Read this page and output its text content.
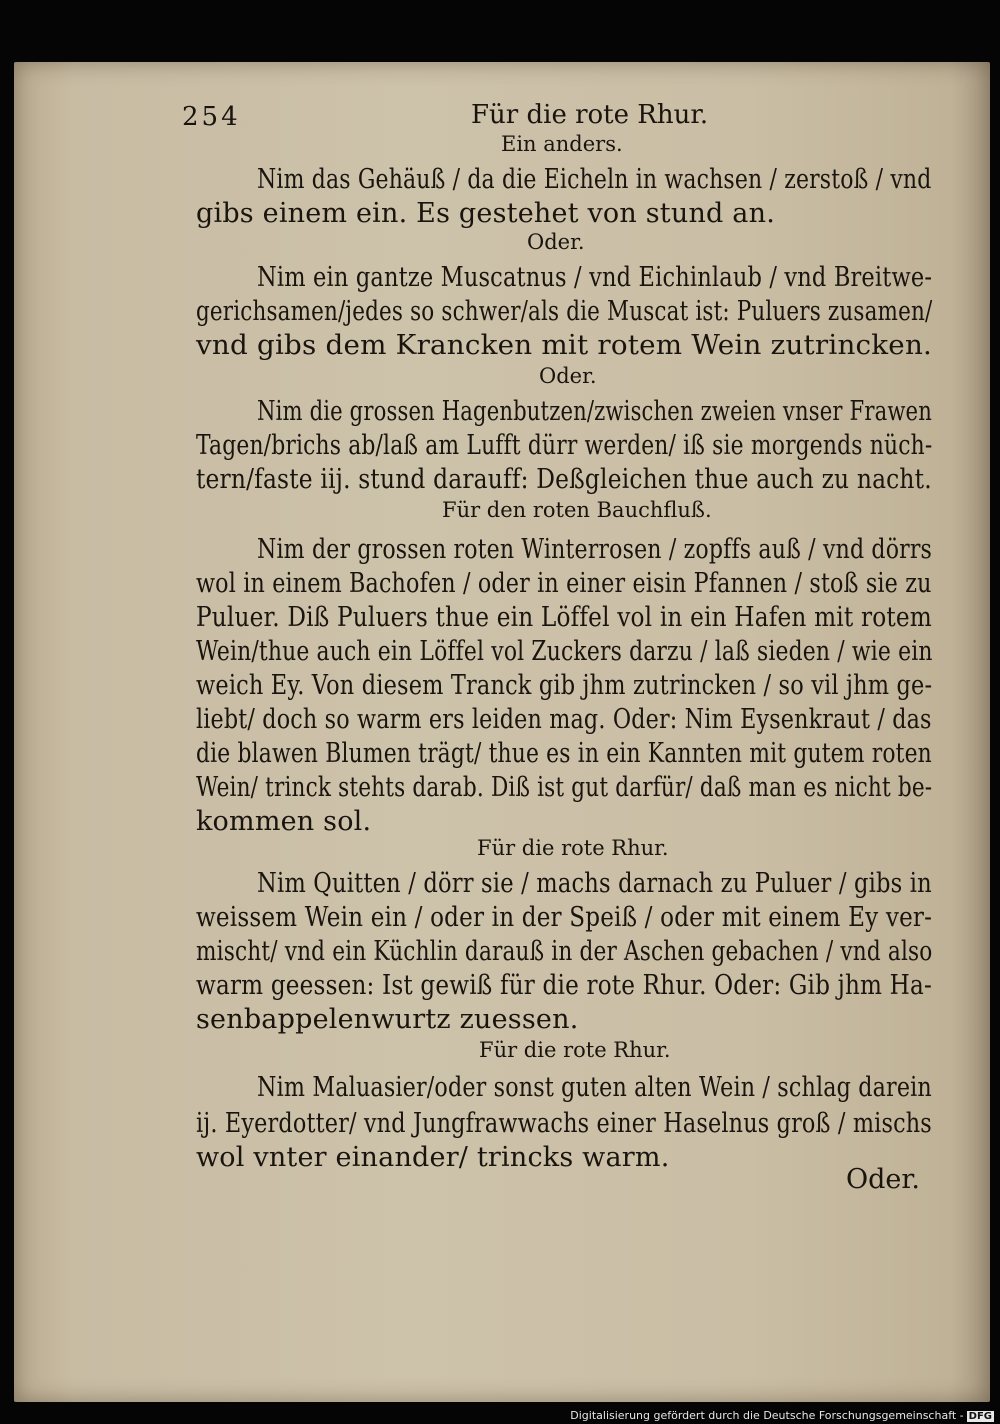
254	Für die rote Rhur.
Ein anders.
Nim das Gehäuß / da die Eicheln in wachsen / zerstoß / vnd
gibs einem ein. Es gestehet von stund an.
Oder.
Nim ein gantze Muscatnus / vnd Eichinlaub / vnd Breitwe-
gerichsamen/jedes so schwer/als die Muscat ist: Puluers zusamen/
vnd gibs dem Krancken mit rotem Wein zutrincken.
Oder.
Nim die grossen Hagenbutzen/zwischen zweien vnser Frawen
Tagen/brichs ab/laß am Lufft dürr werden/ iß sie morgends nüch-
tern/faste iij. stund darauff: Deßgleichen thue auch zu nacht.
Für den roten Bauchfluß.
Nim der grossen roten Winterrosen / zopffs auß / vnd dörrs
wol in einem Bachofen / oder in einer eisin Pfannen / stoß sie zu
Puluer. Diß Puluers thue ein Löffel vol in ein Hafen mit rotem
Wein/thue auch ein Löffel vol Zuckers darzu / laß sieden / wie ein
weich Ey. Von diesem Tranck gib jhm zutrincken / so vil jhm ge-
liebt/ doch so warm ers leiden mag. Oder: Nim Eysenkraut / das
die blawen Blumen trägt/ thue es in ein Kannten mit gutem roten
Wein/ trinck stehts darab. Diß ist gut darfür/ daß man es nicht be-
kommen sol.
Für die rote Rhur.
Nim Quitten / dörr sie / machs darnach zu Puluer / gibs in
weissem Wein ein / oder in der Speiß / oder mit einem Ey ver-
mischt/ vnd ein Küchlin darauß in der Aschen gebachen / vnd also
warm geessen: Ist gewiß für die rote Rhur. Oder: Gib jhm Ha-
senbappelenwurtz zuessen.
Für die rote Rhur.
Nim Maluasier/oder sonst guten alten Wein / schlag darein
ij. Eyerdotter/ vnd Jungfrawwachs einer Haselnus groß / mischs
wol vnter einander/ trincks warm.
Oder.
Digitalisierung gefördert durch die Deutsche Forschungsgemeinschaft - DFG
